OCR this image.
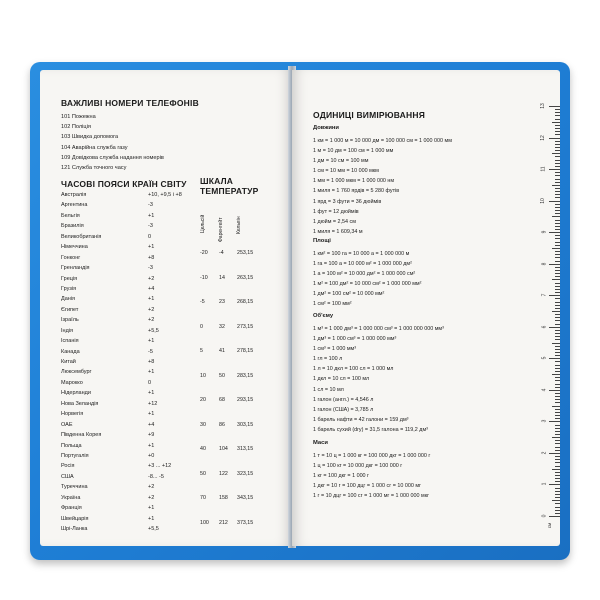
ВАЖЛИВІ НОМЕРИ ТЕЛЕФОНІВ
101 Пожежна
102 Поліція
103 Швидка допомога
104 Аварійна служба газу
109 Довідкова служба надання номерів
121 Служба точного часу
ЧАСОВІ ПОЯСИ КРАЇН СВІТУ
Австралія	+10, +9,5 і +8
Аргентина	-3
Бельгія	+1
Бразилія	-3
Великобританія	0
Німеччина	+1
Гонконг	+8
Гренландія	-3
Греція	+2
Грузія	+4
Данія	+1
Єгипет	+2
Ізраїль	+2
Індія	+5,5
Іспанія	+1
Канада	-5
Китай	+8
Люксембург	+1
Марокко	0
Нідерланди	+1
Нова Зеландія	+12
Норвегія	+1
ОАЕ	+4
Південна Корея	+9
Польща	+1
Португалія	+0
Росія	+3 ... +12
США	-8... -5
Туреччина	+2
Україна	+2
Франція	+1
Швейцарія	+1
Шрі-Ланка	+5,5
ШКАЛА
ТЕМПЕРАТУР
Цельсій Фаренгейт Кельвін
-20 -4	253,15
-10 14 263,15
-5	23 268,15
0	32 273,15
5	41 278,15
10 50 283,15
20 68 293,15
30 86 303,15
40 104 313,15
50 122 323,15
70 158 343,15
100 212 373,15
ОДИНИЦІ ВИМІРЮВАННЯ
Довжини
1 км = 1 000 м = 10 000 дм = 100 000 см = 1 000 000 мм
1 м = 10 дм = 100 см = 1 000 мм
1 дм = 10 см = 100 мм
1 см = 10 мм = 10 000 мкм
1 мм = 1 000 мкм = 1 000 000 нм
1 миля = 1 760 ярдів = 5 280 футів
1 ярд = 3 фути = 36 дюймів
1 фут = 12 дюймів
1 дюйм = 2,54 см
1 миля = 1 609,34 м
Площі
1 км² = 100 га = 10 000 а = 1 000 000 м
1 га = 100 а = 10 000 м² = 1 000 000 дм²
1 а = 100 м² = 10 000 дм² = 1 000 000 см²
1 м² = 100 дм² = 10 000 см² = 1 000 000 мм²
1 дм² = 100 см² = 10 000 мм²
1 см² = 100 мм²
Об'єму
1 м³ = 1 000 дм³ = 1 000 000 см³ = 1 000 000 000 мм³
1 дм³ = 1 000 см³ = 1 000 000 мм³
1 см³ = 1 000 мм³
1 гл = 100 л
1 л = 10 дкл = 100 сл = 1 000 мл
1 дкл = 10 сл = 100 мл
1 сл = 10 мл
1 галон (англ.) = 4,546 л
1 галон (США) = 3,785 л
1 барель нафти = 42 галони = 159 дм³
1 барель сухий (dry) = 31,5 галона = 119,2 дм³
Маси
1 т = 10 ц = 1 000 кг = 100 000 дкг = 1 000 000 г
1 ц = 100 кг = 10 000 дкг = 100 000 г
1 кг = 100 дкг = 1 000 г
1 дкг = 10 г = 100 дцг = 1 000 сг = 10 000 мг
1 г = 10 дцг = 100 сг = 1 000 мг = 1 000 000 мкг
13
12
11
10
9
8
7
6
5
4
3
2
1
0
см
